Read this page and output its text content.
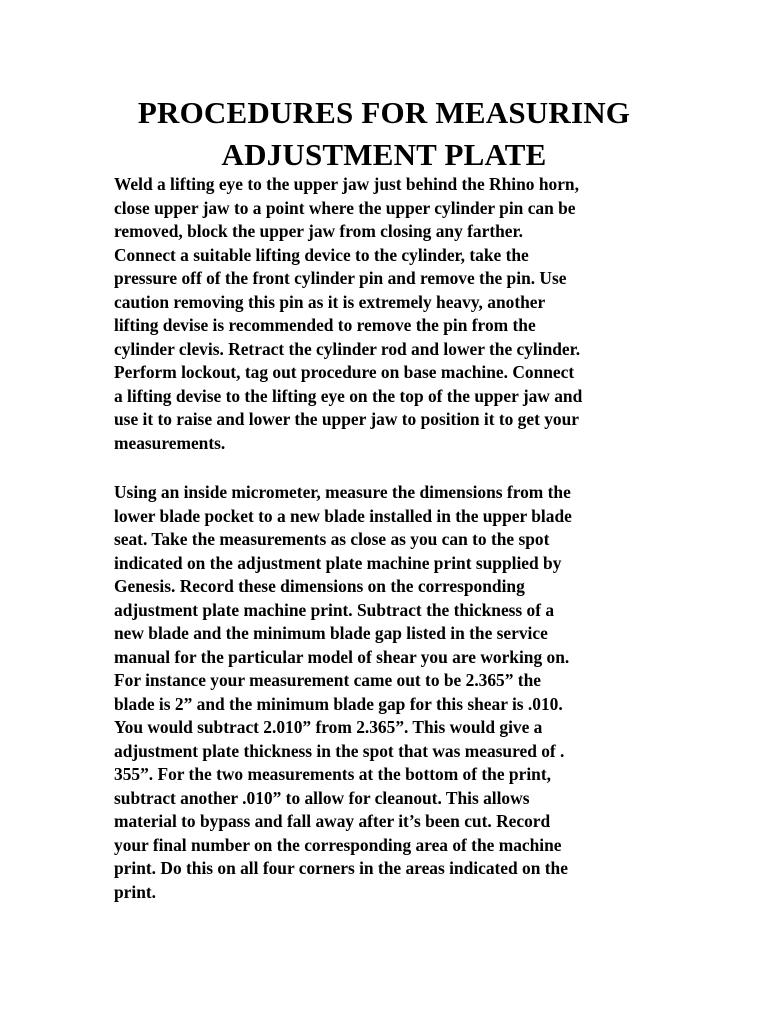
PROCEDURES FOR MEASURING
ADJUSTMENT PLATE

Weld a lifting eye to the upper jaw just behind the Rhino horn,
close upper jaw to a point where the upper cylinder pin can be
removed, block the upper jaw from closing any farther.
Connect a suitable lifting device to the cylinder, take the
pressure off of the front cylinder pin and remove the pin. Use
caution removing this pin as it is extremely heavy, another
lifting devise is recommended to remove the pin from the
cylinder clevis. Retract the cylinder rod and lower the cylinder.
Perform lockout, tag out procedure on base machine. Connect
a lifting devise to the lifting eye on the top of the upper jaw and
use it to raise and lower the upper jaw to position it to get your
measurements.

Using an inside micrometer, measure the dimensions from the
lower blade pocket to a new blade installed in the upper blade
seat. Take the measurements as close as you can to the spot
indicated on the adjustment plate machine print supplied by
Genesis. Record these dimensions on the corresponding
adjustment plate machine print. Subtract the thickness of a
new blade and the minimum blade gap listed in the service
manual for the particular model of shear you are working on.
For instance your measurement came out to be 2.365” the
blade is 2” and the minimum blade gap for this shear is .010.
You would subtract 2.010” from 2.365”. This would give a
adjustment plate thickness in the spot that was measured of .
355”. For the two measurements at the bottom of the print,
subtract another .010” to allow for cleanout. This allows
material to bypass and fall away after it’s been cut. Record
your final number on the corresponding area of the machine
print. Do this on all four corners in the areas indicated on the
print.
